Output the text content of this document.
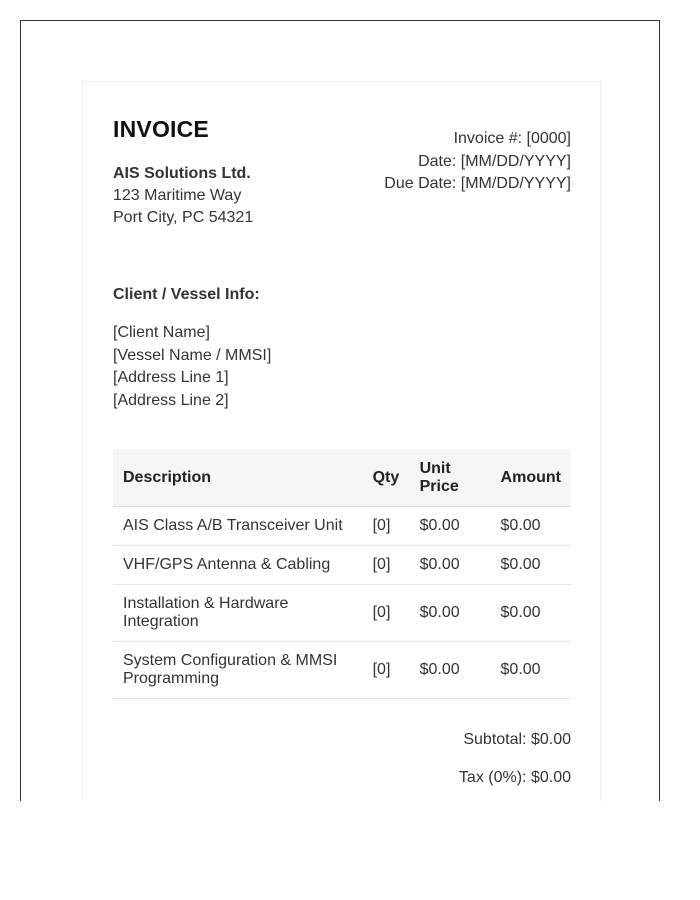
INVOICE
AIS Solutions Ltd.
123 Maritime Way
Port City, PC 54321
Invoice #: [0000]
Date: [MM/DD/YYYY]
Due Date: [MM/DD/YYYY]
Client / Vessel Info:
[Client Name]
[Vessel Name / MMSI]
[Address Line 1]
[Address Line 2]
Description	Qty	Unit Price	Amount
AIS Class A/B Transceiver Unit	[0]	$0.00	$0.00
VHF/GPS Antenna & Cabling	[0]	$0.00	$0.00
Installation & Hardware Integration	[0]	$0.00	$0.00
System Configuration & MMSI Programming	[0]	$0.00	$0.00
Subtotal: $0.00
Tax (0%): $0.00
